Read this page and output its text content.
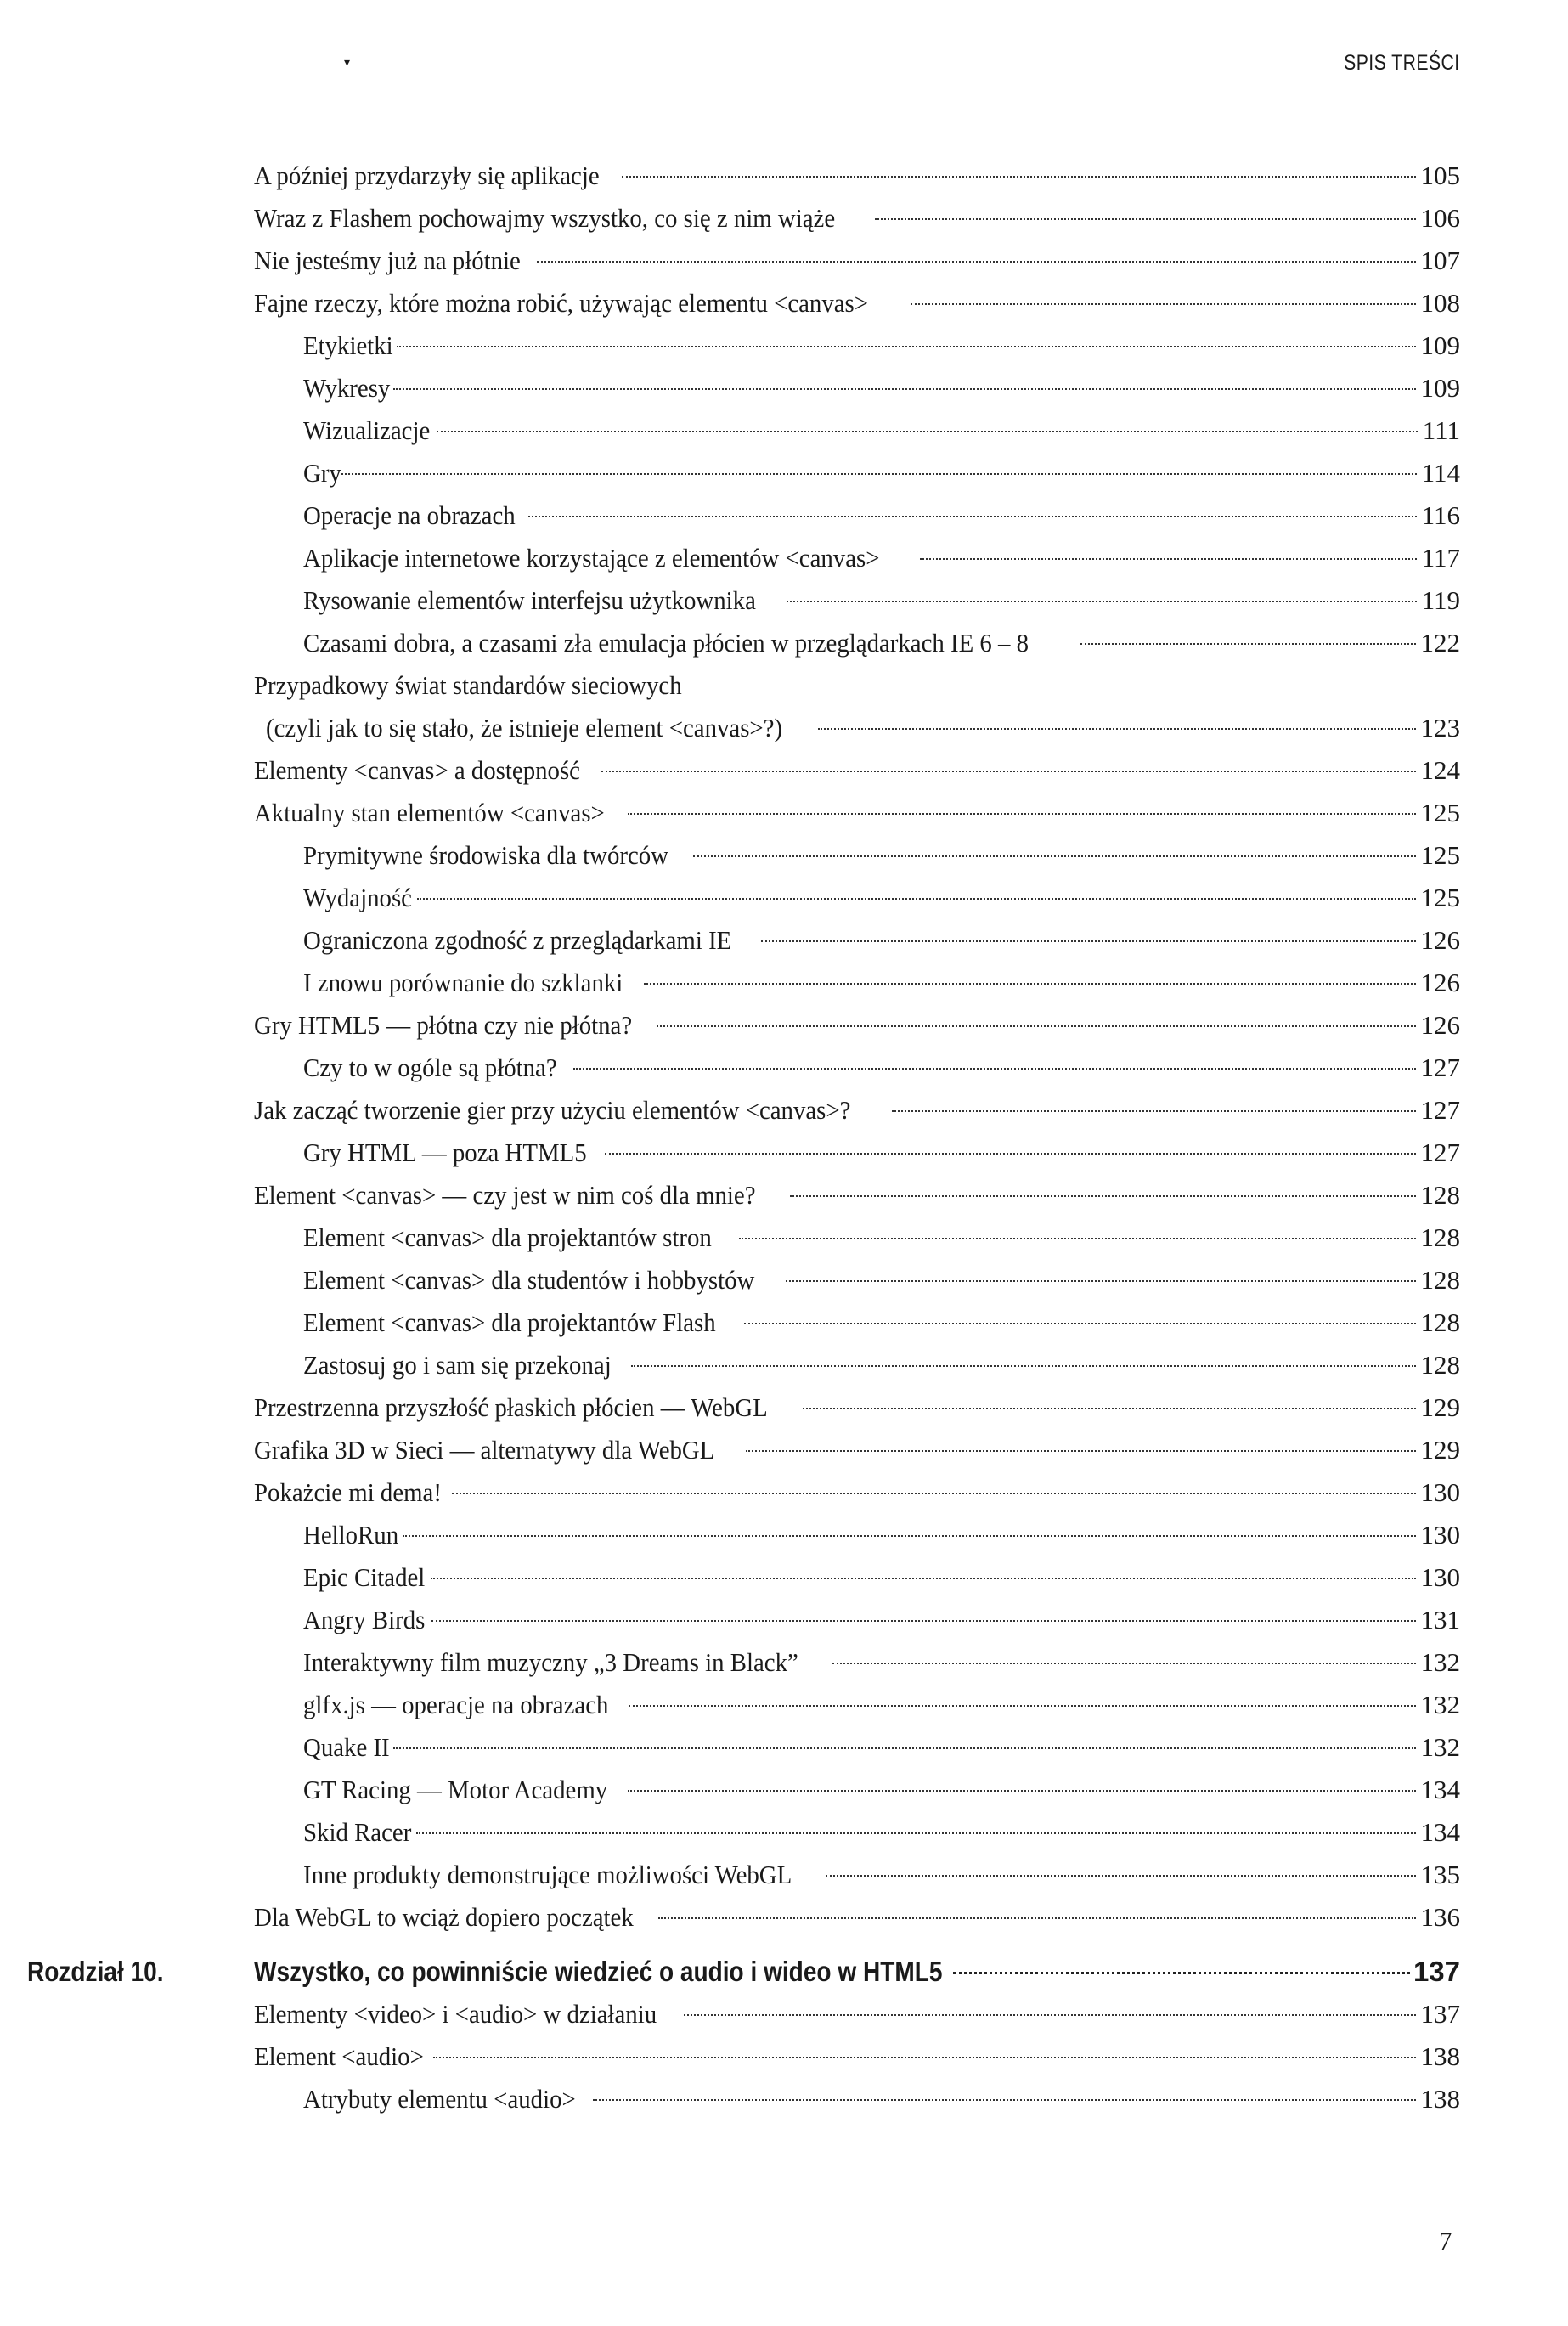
▾	SPIS TREŚCI
A później przydarzyły się aplikacje	105
Wraz z Flashem pochowajmy wszystko, co się z nim wiąże	106
Nie jesteśmy już na płótnie	107
Fajne rzeczy, które można robić, używając elementu <canvas>	108
Etykietki	109
Wykresy	109
Wizualizacje	111
Gry	114
Operacje na obrazach	116
Aplikacje internetowe korzystające z elementów <canvas>	117
Rysowanie elementów interfejsu użytkownika	119
Czasami dobra, a czasami zła emulacja płócien w przeglądarkach IE 6 – 8	122
Przypadkowy świat standardów sieciowych
(czyli jak to się stało, że istnieje element <canvas>?)	123
Elementy <canvas> a dostępność	124
Aktualny stan elementów <canvas>	125
Prymitywne środowiska dla twórców	125
Wydajność	125
Ograniczona zgodność z przeglądarkami IE	126
I znowu porównanie do szklanki	126
Gry HTML5 — płótna czy nie płótna?	126
Czy to w ogóle są płótna?	127
Jak zacząć tworzenie gier przy użyciu elementów <canvas>?	127
Gry HTML — poza HTML5	127
Element <canvas> — czy jest w nim coś dla mnie?	128
Element <canvas> dla projektantów stron	128
Element <canvas> dla studentów i hobbystów	128
Element <canvas> dla projektantów Flash	128
Zastosuj go i sam się przekonaj	128
Przestrzenna przyszłość płaskich płócien — WebGL	129
Grafika 3D w Sieci — alternatywy dla WebGL	129
Pokażcie mi dema!	130
HelloRun	130
Epic Citadel	130
Angry Birds	131
Interaktywny film muzyczny „3 Dreams in Black”	132
glfx.js — operacje na obrazach	132
Quake II	132
GT Racing — Motor Academy	134
Skid Racer	134
Inne produkty demonstrujące możliwości WebGL	135
Dla WebGL to wciąż dopiero początek	136
Rozdział 10.	Wszystko, co powinniście wiedzieć o audio i wideo w HTML5	137
Elementy <video> i <audio> w działaniu	137
Element <audio>	138
Atrybuty elementu <audio>	138
7
